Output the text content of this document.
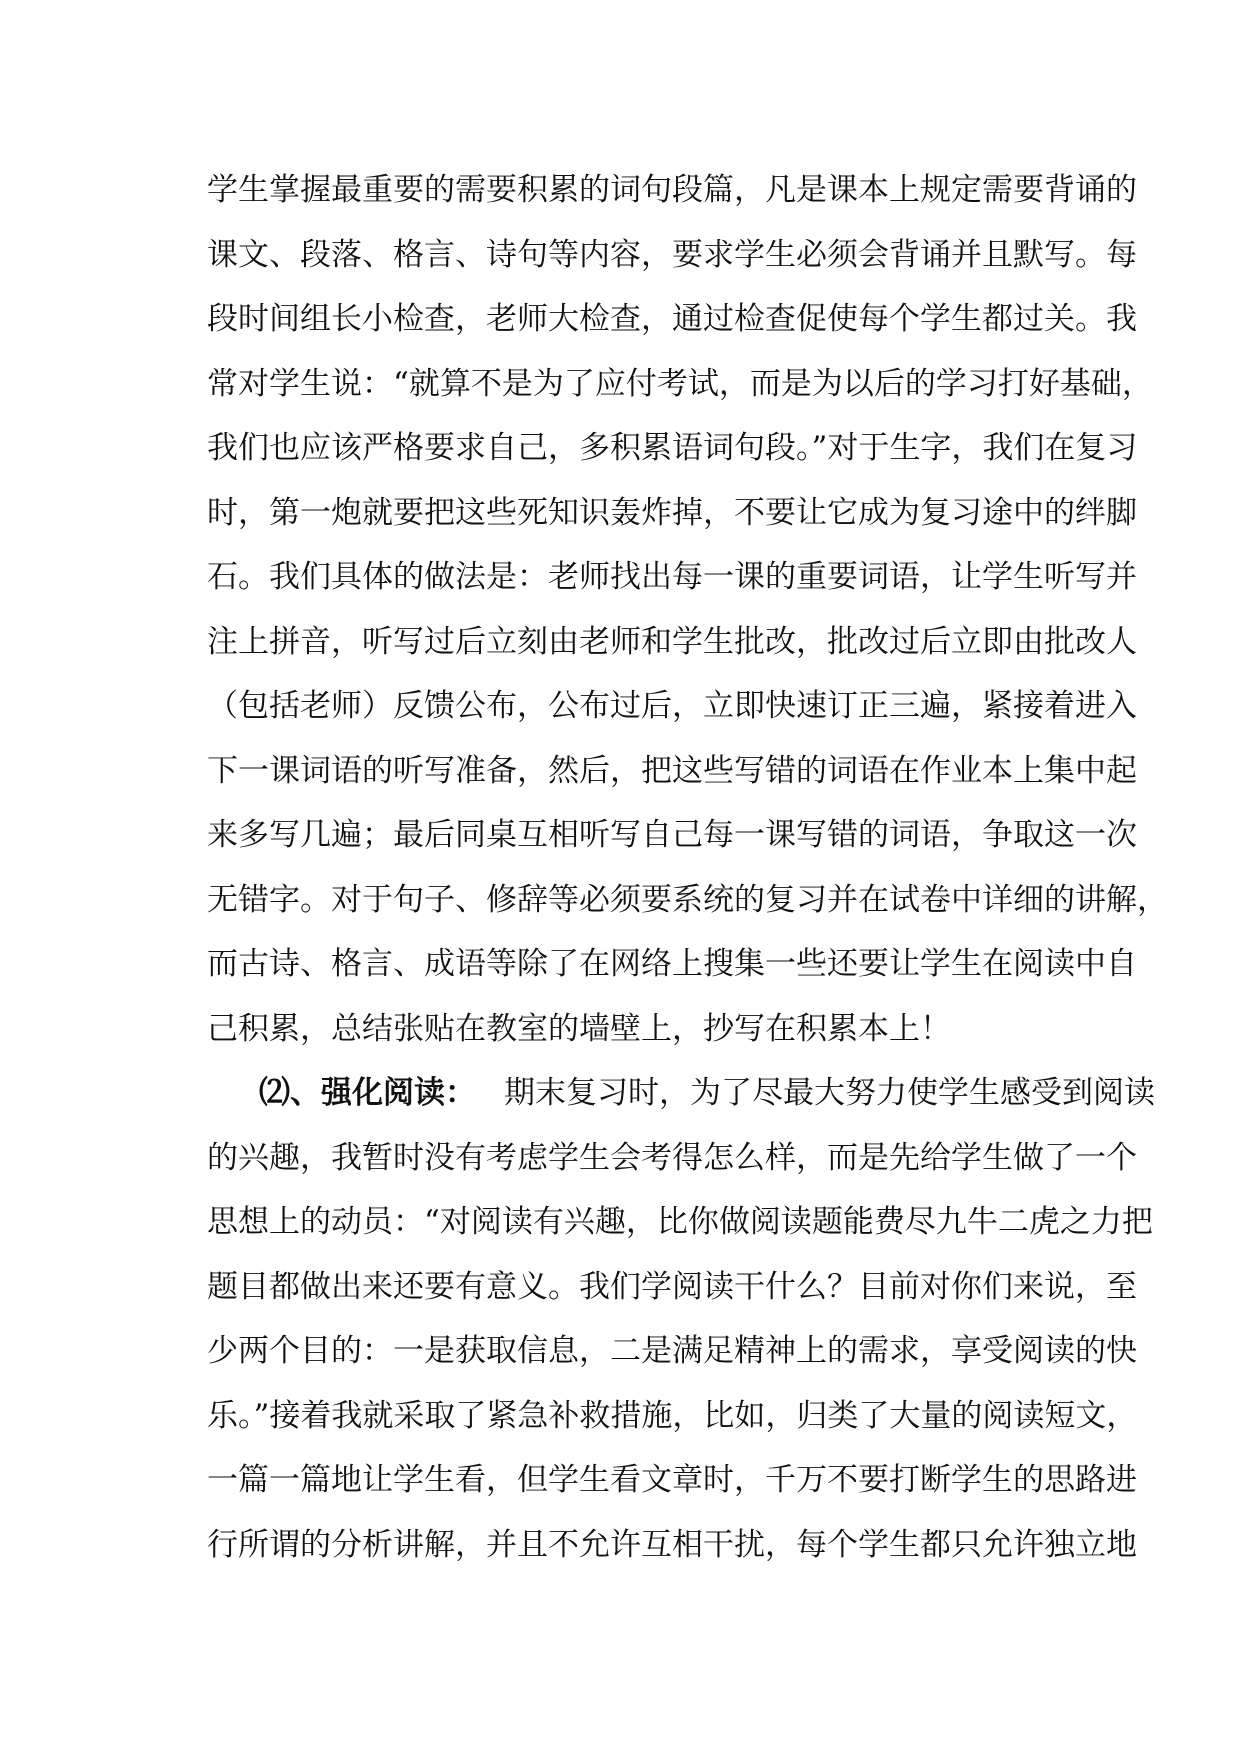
学生掌握最重要的需要积累的词句段篇，凡是课本上规定需要背诵的
课文、段落、格言、诗句等内容，要求学生必须会背诵并且默写。每
段时间组长小检查，老师大检查，通过检查促使每个学生都过关。我
常对学生说：“就算不是为了应付考试，而是为以后的学习打好基础，
我们也应该严格要求自己，多积累语词句段。”对于生字，我们在复习
时，第一炮就要把这些死知识轰炸掉，不要让它成为复习途中的绊脚
石。我们具体的做法是：老师找出每一课的重要词语，让学生听写并
注上拼音，听写过后立刻由老师和学生批改，批改过后立即由批改人
（包括老师）反馈公布，公布过后，立即快速订正三遍，紧接着进入
下一课词语的听写准备，然后，把这些写错的词语在作业本上集中起
来多写几遍；最后同桌互相听写自己每一课写错的词语，争取这一次
无错字。对于句子、修辞等必须要系统的复习并在试卷中详细的讲解，
而古诗、格言、成语等除了在网络上搜集一些还要让学生在阅读中自
己积累，总结张贴在教室的墙壁上，抄写在积累本上！
⑵、强化阅读： 期末复习时，为了尽最大努力使学生感受到阅读
的兴趣，我暂时没有考虑学生会考得怎么样，而是先给学生做了一个
思想上的动员：“对阅读有兴趣，比你做阅读题能费尽九牛二虎之力把
题目都做出来还要有意义。我们学阅读干什么？目前对你们来说，至
少两个目的：一是获取信息，二是满足精神上的需求，享受阅读的快
乐。”接着我就采取了紧急补救措施，比如，归类了大量的阅读短文，
一篇一篇地让学生看，但学生看文章时，千万不要打断学生的思路进
行所谓的分析讲解，并且不允许互相干扰，每个学生都只允许独立地
